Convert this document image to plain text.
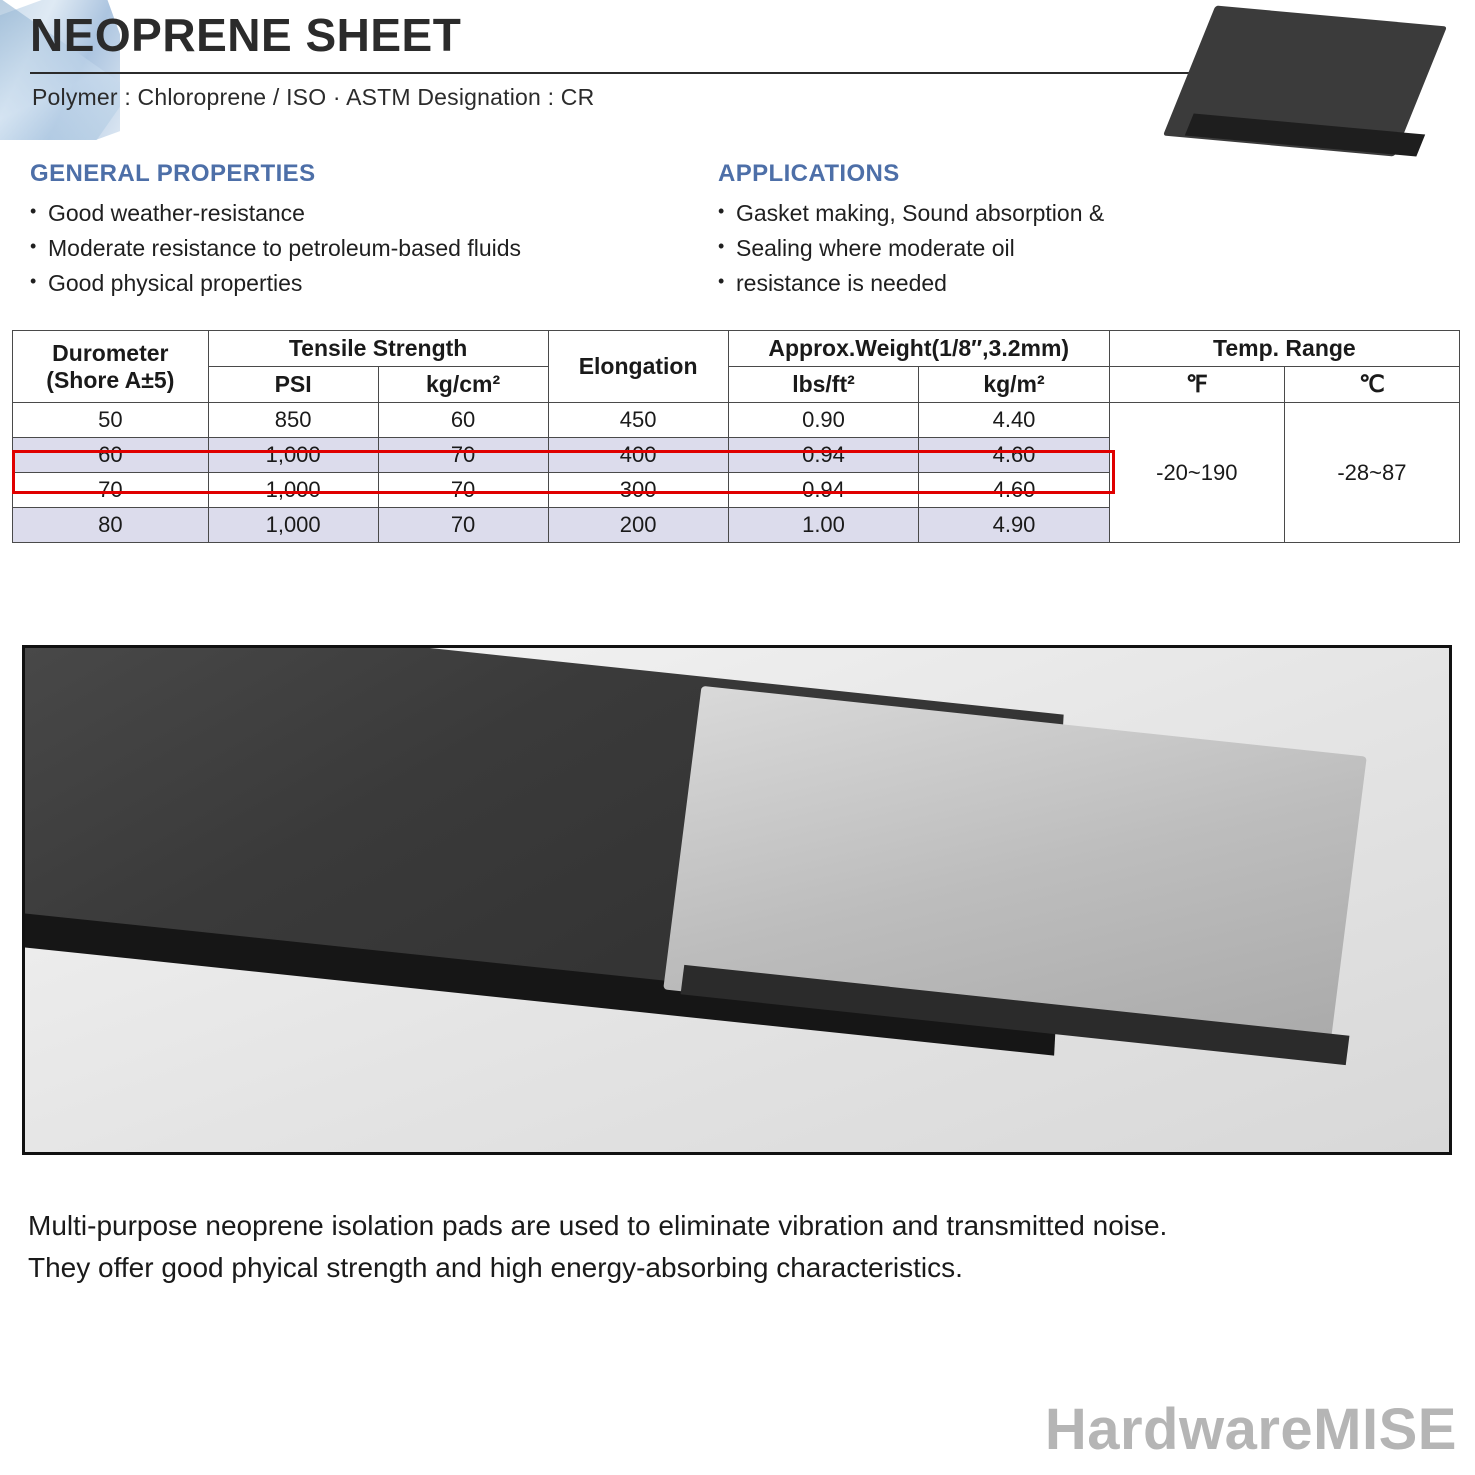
NEOPRENE SHEET
Polymer : Chloroprene / ISO · ASTM Designation : CR
GENERAL PROPERTIES
• Good weather-resistance
• Moderate resistance to petroleum-based fluids
• Good physical properties
APPLICATIONS
• Gasket making, Sound absorption &
• Sealing where moderate oil
• resistance is needed
Durometer
(Shore A±5)	Tensile Strength		Elongation	Approx.Weight(1/8″,3.2mm)		Temp. Range	
	PSI	kg/cm²		lbs/ft²	kg/m²	℉	℃
50	850	60	450	0.90	4.40	-20~190	-28~87
60	1,000	70	400	0.94	4.60		
70	1,000	70	300	0.94	4.60		
80	1,000	70	200	1.00	4.90		
Multi-purpose neoprene isolation pads are used to eliminate vibration and transmitted noise.
They offer good phyical strength and high energy-absorbing characteristics.
HardwareMISE
